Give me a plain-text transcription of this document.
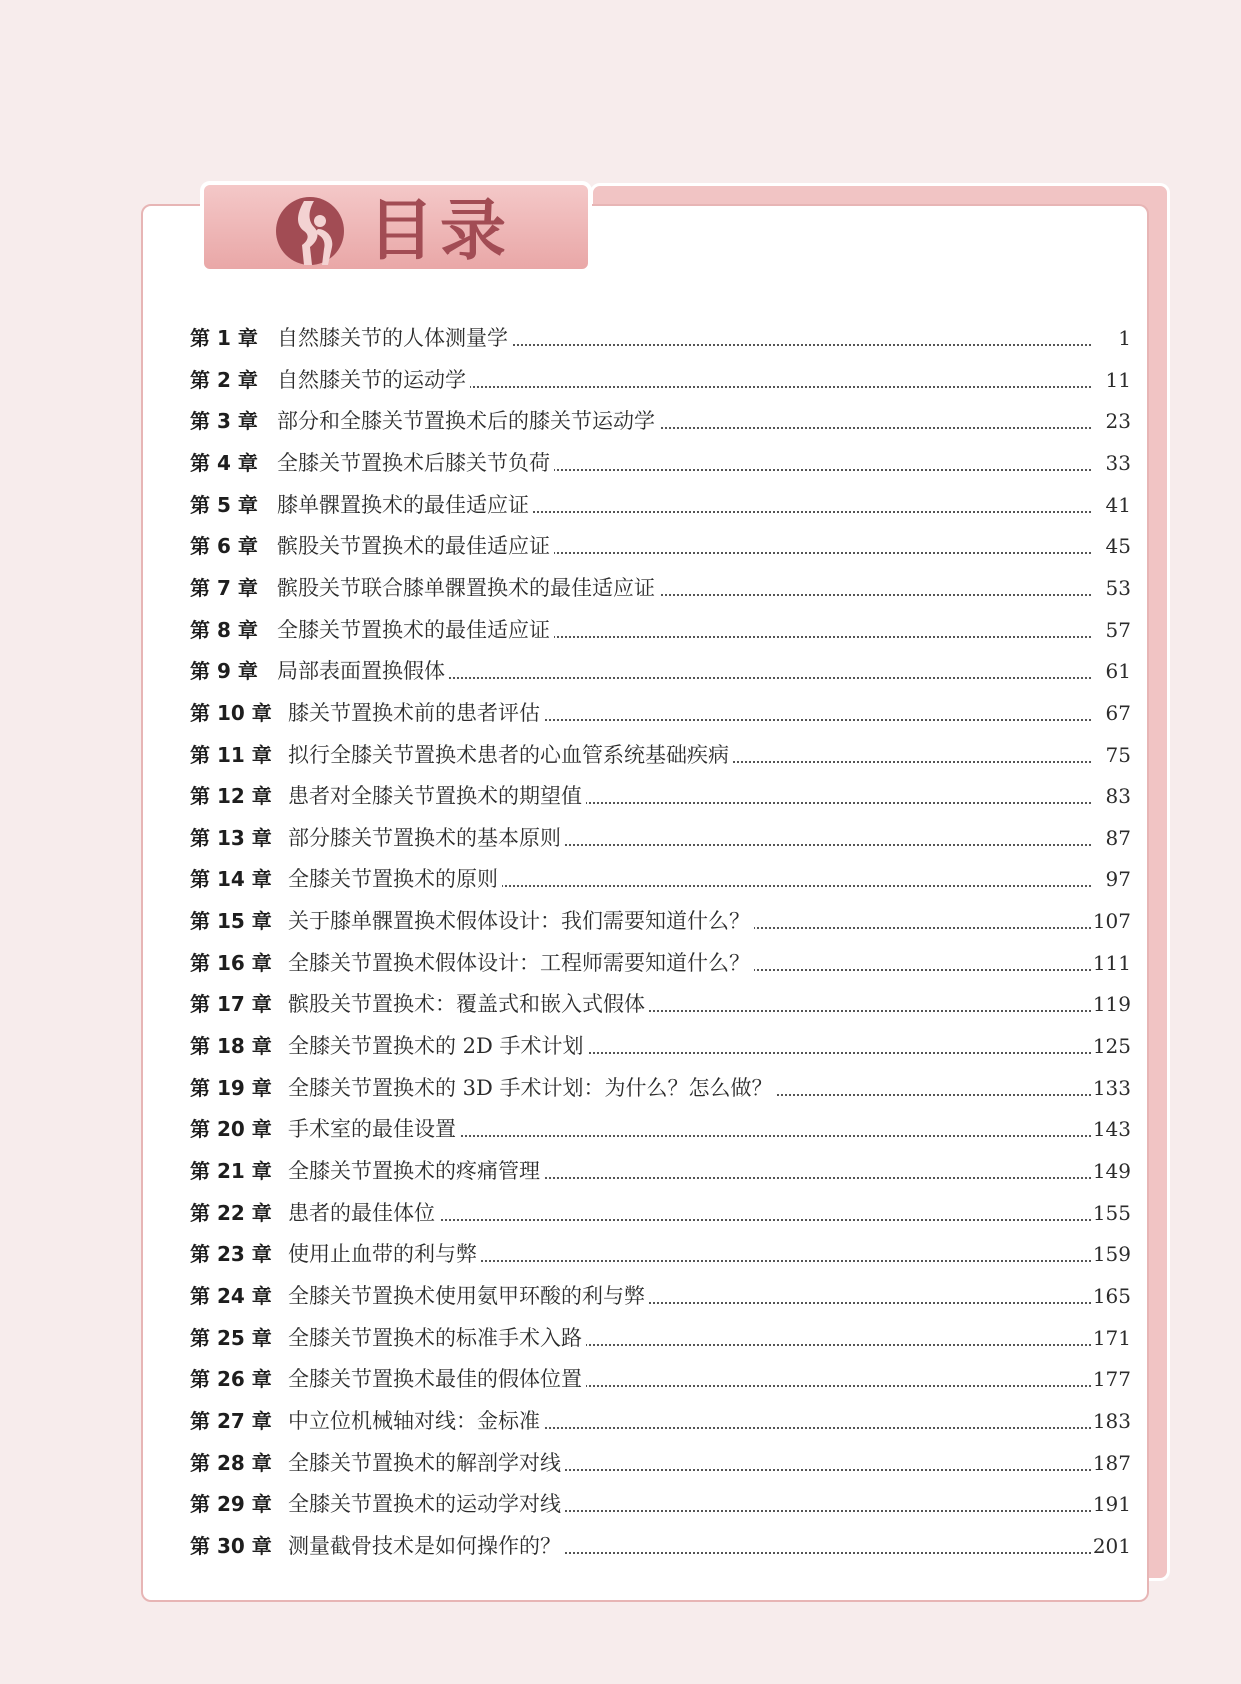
目录
第 1 章 自然膝关节的人体测量学	1
第 2 章 自然膝关节的运动学	11
第 3 章 部分和全膝关节置换术后的膝关节运动学	23
第 4 章 全膝关节置换术后膝关节负荷	33
第 5 章 膝单髁置换术的最佳适应证	41
第 6 章 髌股关节置换术的最佳适应证	45
第 7 章 髌股关节联合膝单髁置换术的最佳适应证	53
第 8 章 全膝关节置换术的最佳适应证	57
第 9 章 局部表面置换假体	61
第 10 章 膝关节置换术前的患者评估	67
第 11 章 拟行全膝关节置换术患者的心血管系统基础疾病	75
第 12 章 患者对全膝关节置换术的期望值	83
第 13 章 部分膝关节置换术的基本原则	87
第 14 章 全膝关节置换术的原则	97
第 15 章 关于膝单髁置换术假体设计：我们需要知道什么？	107
第 16 章 全膝关节置换术假体设计：工程师需要知道什么？	111
第 17 章 髌股关节置换术：覆盖式和嵌入式假体	119
第 18 章 全膝关节置换术的 2D 手术计划	125
第 19 章 全膝关节置换术的 3D 手术计划：为什么？怎么做？	133
第 20 章 手术室的最佳设置	143
第 21 章 全膝关节置换术的疼痛管理	149
第 22 章 患者的最佳体位	155
第 23 章 使用止血带的利与弊	159
第 24 章 全膝关节置换术使用氨甲环酸的利与弊	165
第 25 章 全膝关节置换术的标准手术入路	171
第 26 章 全膝关节置换术最佳的假体位置	177
第 27 章 中立位机械轴对线：金标准	183
第 28 章 全膝关节置换术的解剖学对线	187
第 29 章 全膝关节置换术的运动学对线	191
第 30 章 测量截骨技术是如何操作的？	201
